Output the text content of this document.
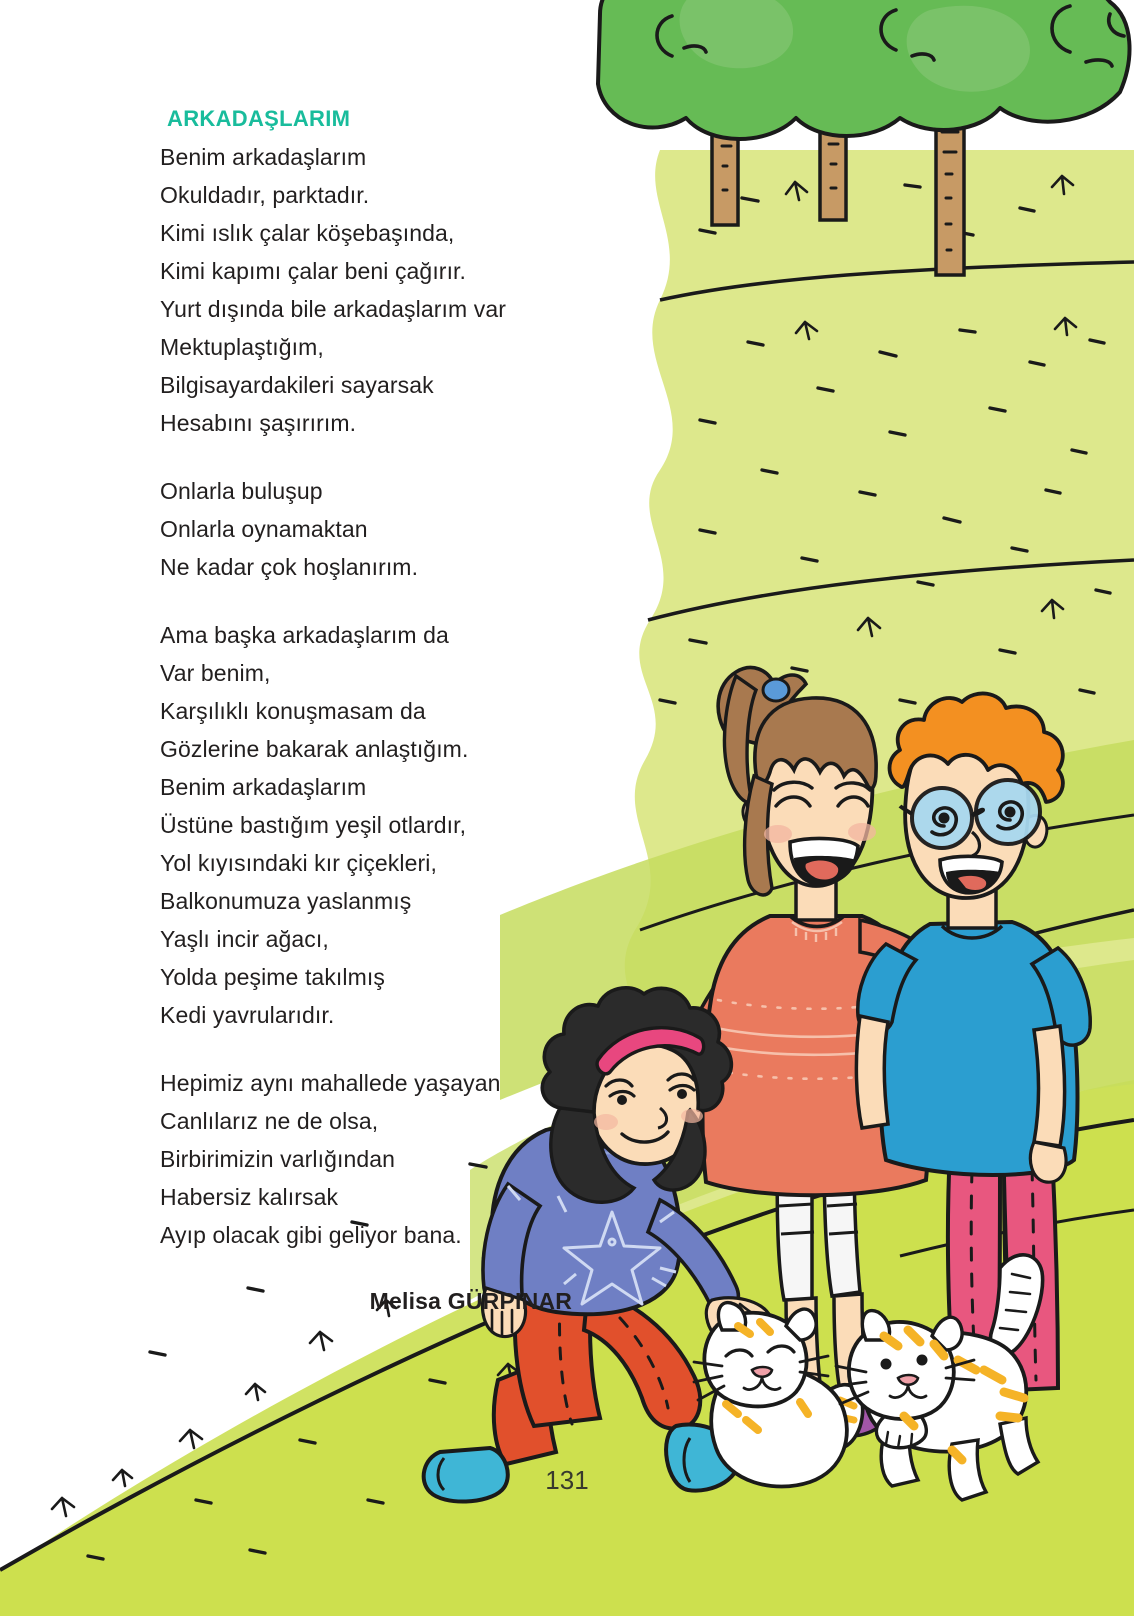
ARKADAŞLARIM
Benim arkadaşlarım
Okuldadır, parktadır.
Kimi ıslık çalar köşebaşında,
Kimi kapımı çalar beni çağırır.
Yurt dışında bile arkadaşlarım var
Mektuplaştığım,
Bilgisayardakileri sayarsak
Hesabını şaşırırım.
Onlarla buluşup
Onlarla oynamaktan
Ne kadar çok hoşlanırım.
Ama başka arkadaşlarım da
Var benim,
Karşılıklı konuşmasam da
Gözlerine bakarak anlaştığım.
Benim arkadaşlarım
Üstüne bastığım yeşil otlardır,
Yol kıyısındaki kır çiçekleri,
Balkonumuza yaslanmış
Yaşlı incir ağacı,
Yolda peşime takılmış
Kedi yavrularıdır.
Hepimiz aynı mahallede yaşayan
Canlılarız ne de olsa,
Birbirimizin varlığından
Habersiz kalırsak
Ayıp olacak gibi geliyor bana.
Melisa GÜRPINAR
131
